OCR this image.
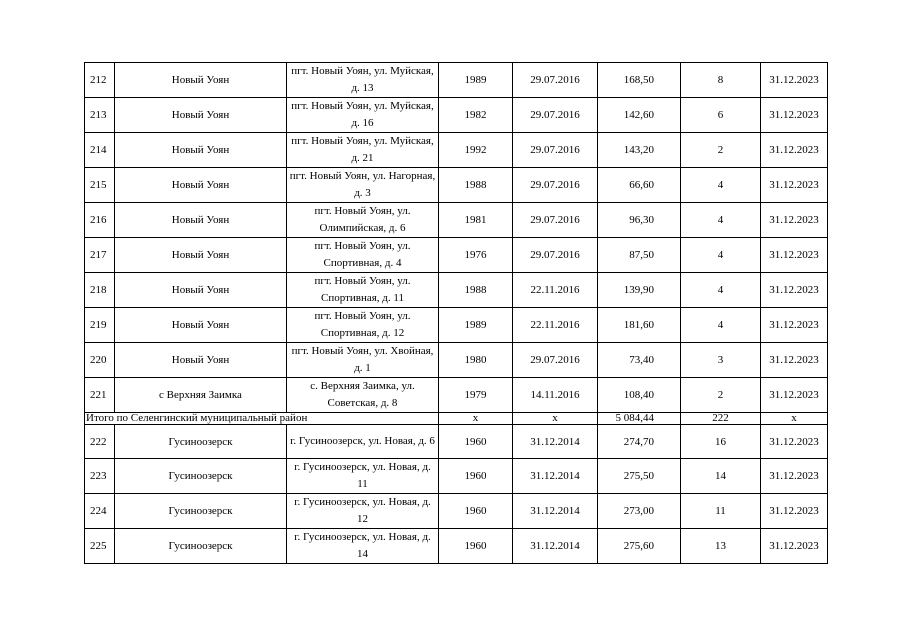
212	Новый Уоян	пгт. Новый Уоян, ул. Муйская, д. 13	1989	29.07.2016	168,50	8	31.12.2023
213	Новый Уоян	пгт. Новый Уоян, ул. Муйская, д. 16	1982	29.07.2016	142,60	6	31.12.2023
214	Новый Уоян	пгт. Новый Уоян, ул. Муйская, д. 21	1992	29.07.2016	143,20	2	31.12.2023
215	Новый Уоян	пгт. Новый Уоян, ул. Нагорная, д. 3	1988	29.07.2016	66,60	4	31.12.2023
216	Новый Уоян	пгт. Новый Уоян, ул. Олимпийская, д. 6	1981	29.07.2016	96,30	4	31.12.2023
217	Новый Уоян	пгт. Новый Уоян, ул. Спортивная, д. 4	1976	29.07.2016	87,50	4	31.12.2023
218	Новый Уоян	пгт. Новый Уоян, ул. Спортивная, д. 11	1988	22.11.2016	139,90	4	31.12.2023
219	Новый Уоян	пгт. Новый Уоян, ул. Спортивная, д. 12	1989	22.11.2016	181,60	4	31.12.2023
220	Новый Уоян	пгт. Новый Уоян, ул. Хвойная, д. 1	1980	29.07.2016	73,40	3	31.12.2023
221	с Верхняя Заимка	с. Верхняя Заимка, ул. Советская, д. 8	1979	14.11.2016	108,40	2	31.12.2023
Итого по Селенгинский муниципальный район			x	x	5 084,44	222	x
222	Гусиноозерск	г. Гусиноозерск, ул. Новая, д. 6	1960	31.12.2014	274,70	16	31.12.2023
223	Гусиноозерск	г. Гусиноозерск, ул. Новая, д. 11	1960	31.12.2014	275,50	14	31.12.2023
224	Гусиноозерск	г. Гусиноозерск, ул. Новая, д. 12	1960	31.12.2014	273,00	11	31.12.2023
225	Гусиноозерск	г. Гусиноозерск, ул. Новая, д. 14	1960	31.12.2014	275,60	13	31.12.2023
